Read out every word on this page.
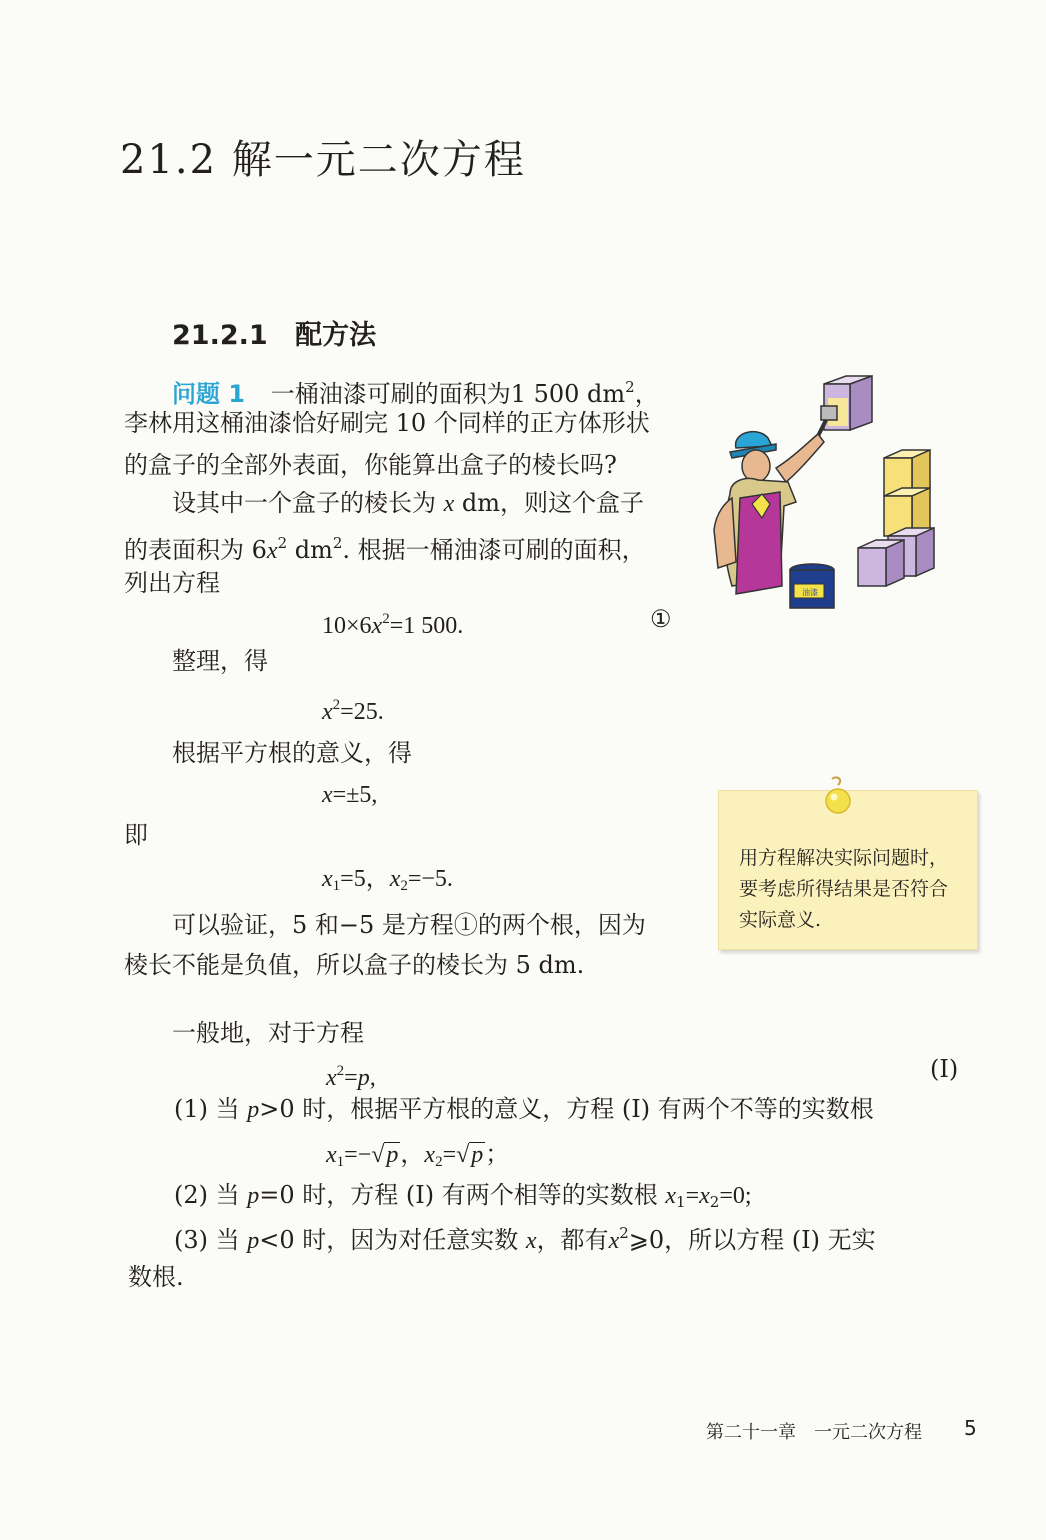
21.2 解一元二次方程
21.2.1 配方法
问题 1 一桶油漆可刷的面积为1 500 $dm^2$，
李林用这桶油漆恰好刷完 10 个同样的正方体形状
的盒子的全部外表面，你能算出盒子的棱长吗?
设其中一个盒子的棱长为 x dm，则这个盒子
的表面积为 $6x^2$ $dm^2$. 根据一桶油漆可刷的面积，
列出方程
$10\times 6x^2=1$ 500.	①
整理，得
$x^2=25$.
根据平方根的意义，得
x=±5,
即
$x_1=5$，$x_2=-5$.
可以验证，5 和−5 是方程①的两个根，因为
棱长不能是负值，所以盒子的棱长为 5 dm.
用方程解决实际问题时，要考虑所得结果是否符合实际意义.
油漆
一般地，对于方程
$x^2=p$,	(Ⅰ)
(1) 当 p>0 时，根据平方根的意义，方程 (Ⅰ) 有两个不等的实数根
$x_1=-√p$，$x_2=√p$；
(2) 当 p=0 时，方程 (Ⅰ) 有两个相等的实数根 $x_1=x_2=0$;
(3) 当 p<0 时，因为对任意实数 x，都有$x^2⩾0$，所以方程 (Ⅰ) 无实
数根.
第二十一章　一元二次方程 5
